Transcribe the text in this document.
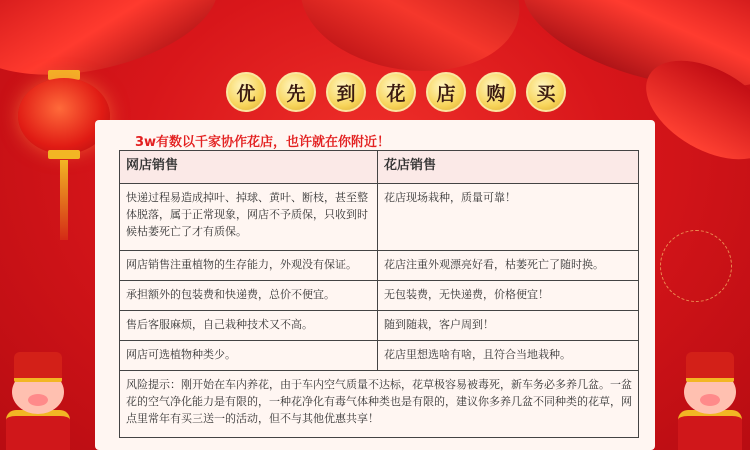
优	先	到	花	店	购	买
3w有数以千家协作花店，也许就在你附近！
网店销售	花店销售
快递过程易造成掉叶、掉球、黄叶、断枝，甚至整体脱落，属于正常现象，网店不予质保，只收到时候枯萎死亡了才有质保。	花店现场栽种，质量可靠！
网店销售注重植物的生存能力，外观没有保证。	花店注重外观漂亮好看，枯萎死亡了随时换。
承担额外的包装费和快递费，总价不便宜。	无包装费，无快递费，价格便宜！
售后客服麻烦，自己栽种技术又不高。	随到随栽，客户周到！
网店可选植物种类少。	花店里想选啥有啥，且符合当地栽种。
风险提示：刚开始在车内养花，由于车内空气质量不达标，花草极容易被毒死，新车务必多养几盆。一盆花的空气净化能力是有限的，一种花净化有毒气体种类也是有限的，建议你多养几盆不同种类的花草，网点里常年有买三送一的活动，但不与其他优惠共享！	
